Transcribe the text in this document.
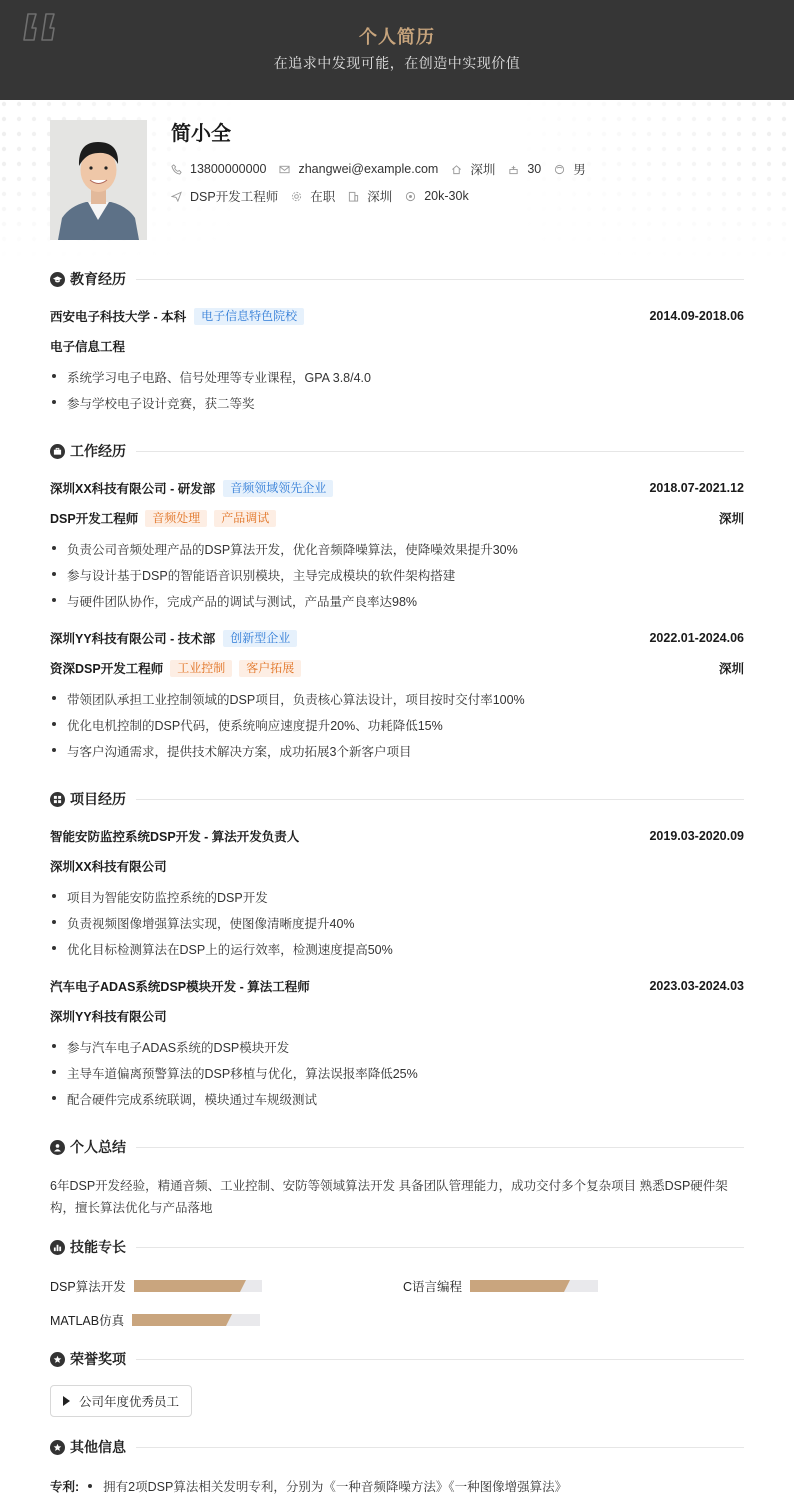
个人简历
在追求中发现可能，在创造中实现价值
简小全
13800000000	zhangwei@example.com	深圳	30	男
DSP开发工程师	在职	深圳	20k-30k
教育经历
西安电子科技大学 - 本科	电子信息特色院校	2014.09-2018.06
电子信息工程
系统学习电子电路、信号处理等专业课程，GPA 3.8/4.0
参与学校电子设计竞赛，获二等奖
工作经历
深圳XX科技有限公司 - 研发部	音频领域领先企业	2018.07-2021.12
DSP开发工程师	音频处理	产品调试	深圳
负责公司音频处理产品的DSP算法开发，优化音频降噪算法，使降噪效果提升30%
参与设计基于DSP的智能语音识别模块，主导完成模块的软件架构搭建
与硬件团队协作，完成产品的调试与测试，产品量产良率达98%
深圳YY科技有限公司 - 技术部	创新型企业	2022.01-2024.06
资深DSP开发工程师	工业控制	客户拓展	深圳
带领团队承担工业控制领域的DSP项目，负责核心算法设计，项目按时交付率100%
优化电机控制的DSP代码，使系统响应速度提升20%、功耗降低15%
与客户沟通需求，提供技术解决方案，成功拓展3个新客户项目
项目经历
智能安防监控系统DSP开发 - 算法开发负责人	2019.03-2020.09
深圳XX科技有限公司
项目为智能安防监控系统的DSP开发
负责视频图像增强算法实现，使图像清晰度提升40%
优化目标检测算法在DSP上的运行效率，检测速度提高50%
汽车电子ADAS系统DSP模块开发 - 算法工程师	2023.03-2024.03
深圳YY科技有限公司
参与汽车电子ADAS系统的DSP模块开发
主导车道偏离预警算法的DSP移植与优化，算法误报率降低25%
配合硬件完成系统联调，模块通过车规级测试
个人总结
6年DSP开发经验，精通音频、工业控制、安防等领域算法开发 具备团队管理能力，成功交付多个复杂项目 熟悉DSP硬件架构，擅长算法优化与产品落地
技能专长
DSP算法开发	C语言编程
MATLAB仿真
荣誉奖项
公司年度优秀员工
其他信息
专利: 拥有2项DSP算法相关发明专利，分别为《一种音频降噪方法》《一种图像增强算法》
